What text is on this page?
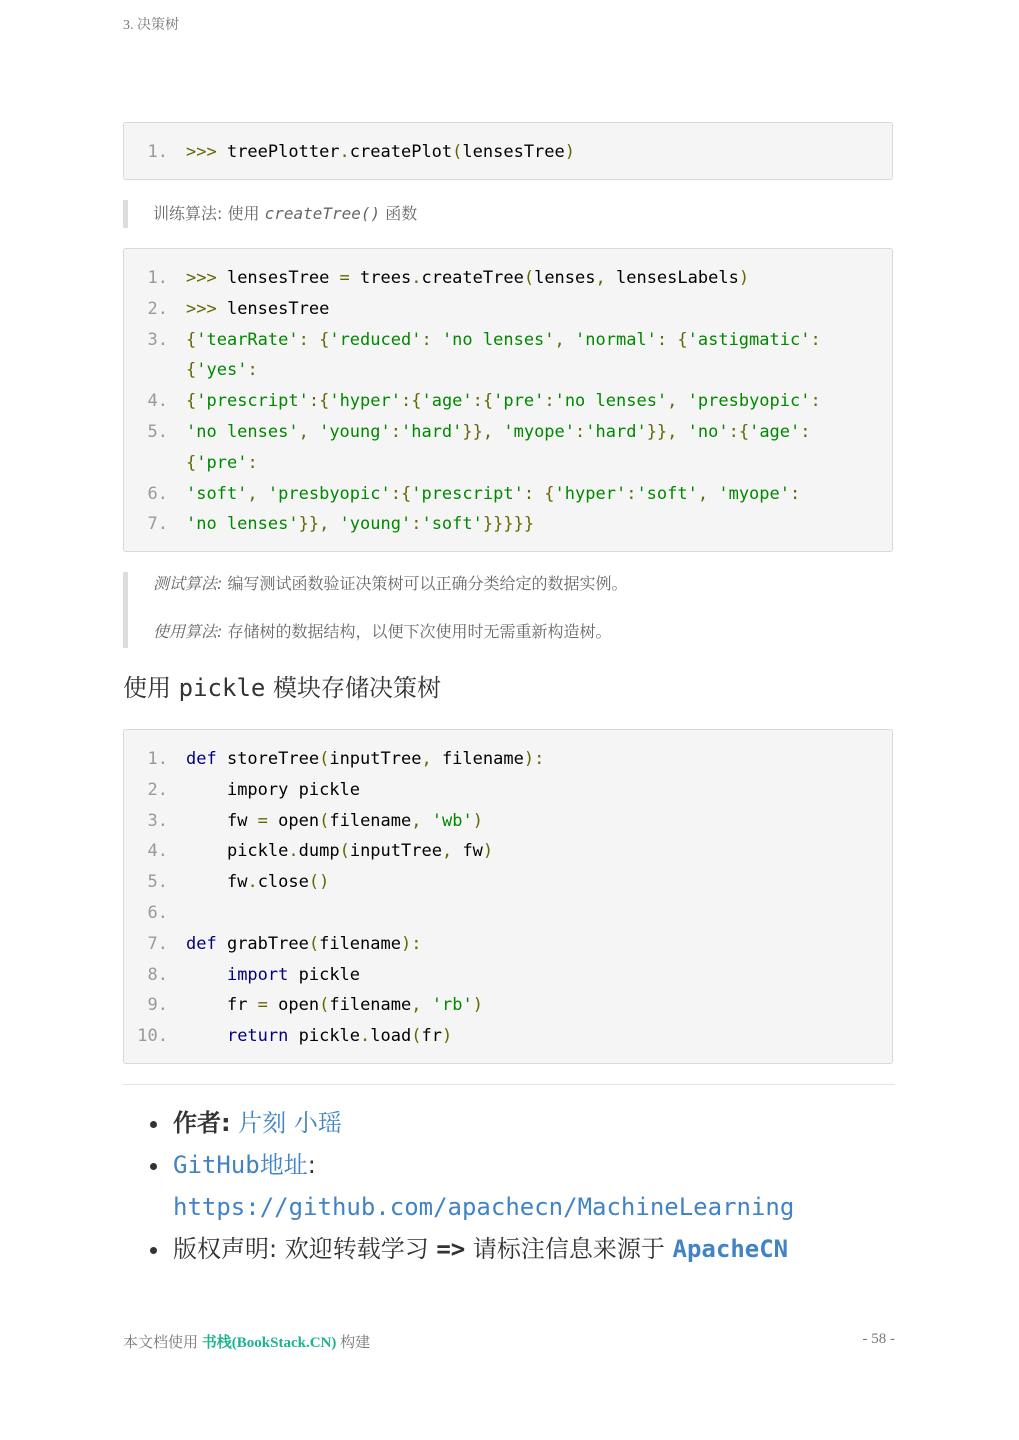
3. 决策树
1.	>>> treePlotter.createPlot(lensesTree)

训练算法: 使用 createTree() 函数

1.	>>> lensesTree = trees.createTree(lenses, lensesLabels)
2.	>>> lensesTree
3.	{'tearRate': {'reduced': 'no lenses', 'normal': {'astigmatic':
{'yes':
4.	{'prescript':{'hyper':{'age':{'pre':'no lenses', 'presbyopic':
5.	'no lenses', 'young':'hard'}}, 'myope':'hard'}}, 'no':{'age':
{'pre':
6.	'soft', 'presbyopic':{'prescript': {'hyper':'soft', 'myope':
7.	'no lenses'}}, 'young':'soft'}}}}}

测试算法: 编写测试函数验证决策树可以正确分类给定的数据实例。

使用算法: 存储树的数据结构，以便下次使用时无需重新构造树。

使用 pickle 模块存储决策树
1.	def storeTree(inputTree, filename):
2.	impory pickle
3.	fw = open(filename, 'wb')
4.	pickle.dump(inputTree, fw)
5.	fw.close()
6.
7.	def grabTree(filename):
8.	import pickle
9.	fr = open(filename, 'rb')
10.	return pickle.load(fr)
作者: 片刻 小瑶
GitHub地址:
https://github.com/apachecn/MachineLearning
版权声明: 欢迎转载学习 => 请标注信息来源于 ApacheCN
本文档使用 书栈(BookStack.CN) 构建	- 58 -
